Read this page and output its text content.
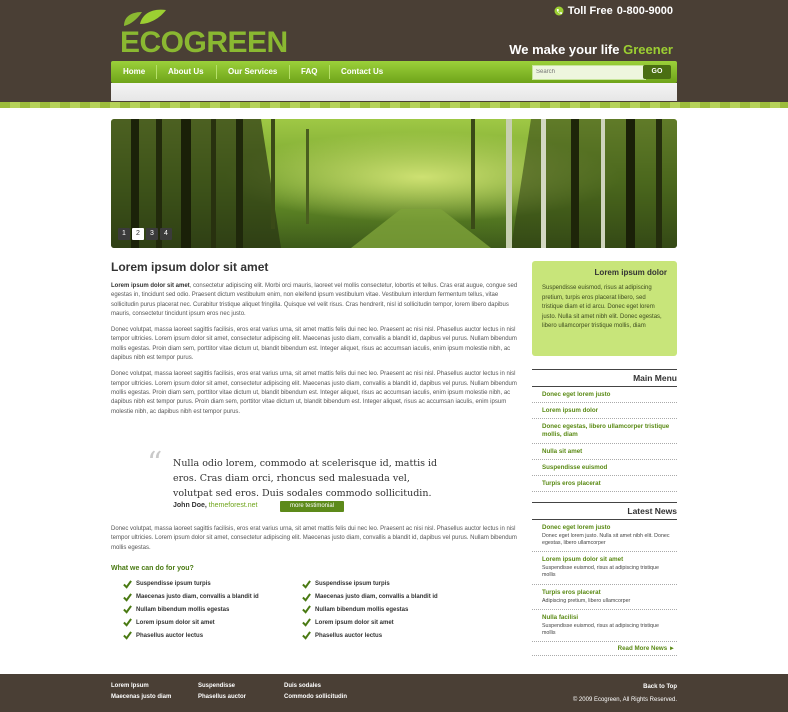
ECOGREEN
Toll Free 0-800-9000
We make your life Greener
Home	About Us	Our Services	FAQ	Contact Us
Search	GO
1	2	3	4
Lorem ipsum dolor sit amet
Lorem ipsum dolor sit amet, consectetur adipiscing elit. Morbi orci mauris, laoreet vel mollis consectetur, lobortis et tellus. Cras erat augue, congue sed egestas in, tincidunt sed odio. Praesent dictum vestibulum enim, non eleifend ipsum vestibulum vitae. Vestibulum interdum fermentum tellus, vitae sollicitudin purus placerat nec. Curabitur tristique aliquet fringilla. Quisque vel velit risus. Cras hendrerit, nisl id sollicitudin tempor, lorem libero dapibus mauris, consectetur tincidunt ipsum eros nec justo.
Donec volutpat, massa laoreet sagittis facilisis, eros erat varius urna, sit amet mattis felis dui nec leo. Praesent ac nisi nisl. Phasellus auctor lectus in nisl tempor ultricies. Lorem ipsum dolor sit amet, consectetur adipiscing elit. Maecenas justo diam, convallis a blandit id, dapibus vel purus. Nullam bibendum mollis egestas. Proin diam sem, porttitor vitae dictum ut, blandit bibendum est. Integer aliquet, risus ac accumsan iaculis, enim ipsum molestie nibh, ac dapibus nibh est tempor purus.
Donec volutpat, massa laoreet sagittis facilisis, eros erat varius urna, sit amet mattis felis dui nec leo. Praesent ac nisi nisl. Phasellus auctor lectus in nisl tempor ultricies. Lorem ipsum dolor sit amet, consectetur adipiscing elit. Maecenas justo diam, convallis a blandit id, dapibus vel purus. Nullam bibendum mollis egestas. Proin diam sem, porttitor vitae dictum ut, blandit bibendum est. Integer aliquet, risus ac accumsan iaculis, enim ipsum molestie nibh, ac dapibus nibh est tempor purus. Proin diam sem, porttitor vitae dictum ut, blandit bibendum est. Integer aliquet, risus ac accumsan iaculis, enim ipsum molestie nibh, ac dapibus nibh est tempor purus.
“ Nulla odio lorem, commodo at scelerisque id, mattis id eros. Cras diam orci, rhoncus sed malesuada vel, volutpat sed eros. Duis sodales commodo sollicitudin.
John Doe, themeforest.net	more testimonial
Donec volutpat, massa laoreet sagittis facilisis, eros erat varius urna, sit amet mattis felis dui nec leo. Praesent ac nisi nisl. Phasellus auctor lectus in nisl tempor ultricies. Lorem ipsum dolor sit amet, consectetur adipiscing elit. Maecenas justo diam, convallis a blandit id, dapibus vel purus. Nullam bibendum mollis egestas.
What we can do for you?
Suspendisse ipsum turpis
Maecenas justo diam, convallis a blandit id
Nullam bibendum mollis egestas
Lorem ipsum dolor sit amet
Phasellus auctor lectus
Suspendisse ipsum turpis
Maecenas justo diam, convallis a blandit id
Nullam bibendum mollis egestas
Lorem ipsum dolor sit amet
Phasellus auctor lectus
Lorem ipsum dolor
Suspendisse euismod, risus at adipiscing pretium, turpis eros placerat libero, sed tristique diam et id arcu. Donec eget lorem justo. Nulla sit amet nibh elit. Donec egestas, libero ullamcorper tristique mollis, diam
Main Menu
Donec eget lorem justo
Lorem ipsum dolor
Donec egestas, libero ullamcorper tristique mollis, diam
Nulla sit amet
Suspendisse euismod
Turpis eros placerat
Latest News
Donec eget lorem justo
Donec eget lorem justo. Nulla sit amet nibh elit. Donec egestas, libero ullamcorper
Lorem ipsum dolor sit amet
Suspendisse euismod, risus at adipiscing tristique mollis
Turpis eros placerat
Adipiscing pretium, libero ullamcorper
Nulla facilisi
Suspendisse euismod, risus at adipiscing tristique mollis
Read More News ►
Lorem Ipsum
Maecenas justo diam
Suspendisse
Phasellus auctor
Duis sodales
Commodo sollicitudin
Back to Top
© 2009 Ecogreen, All Rights Reserved.
